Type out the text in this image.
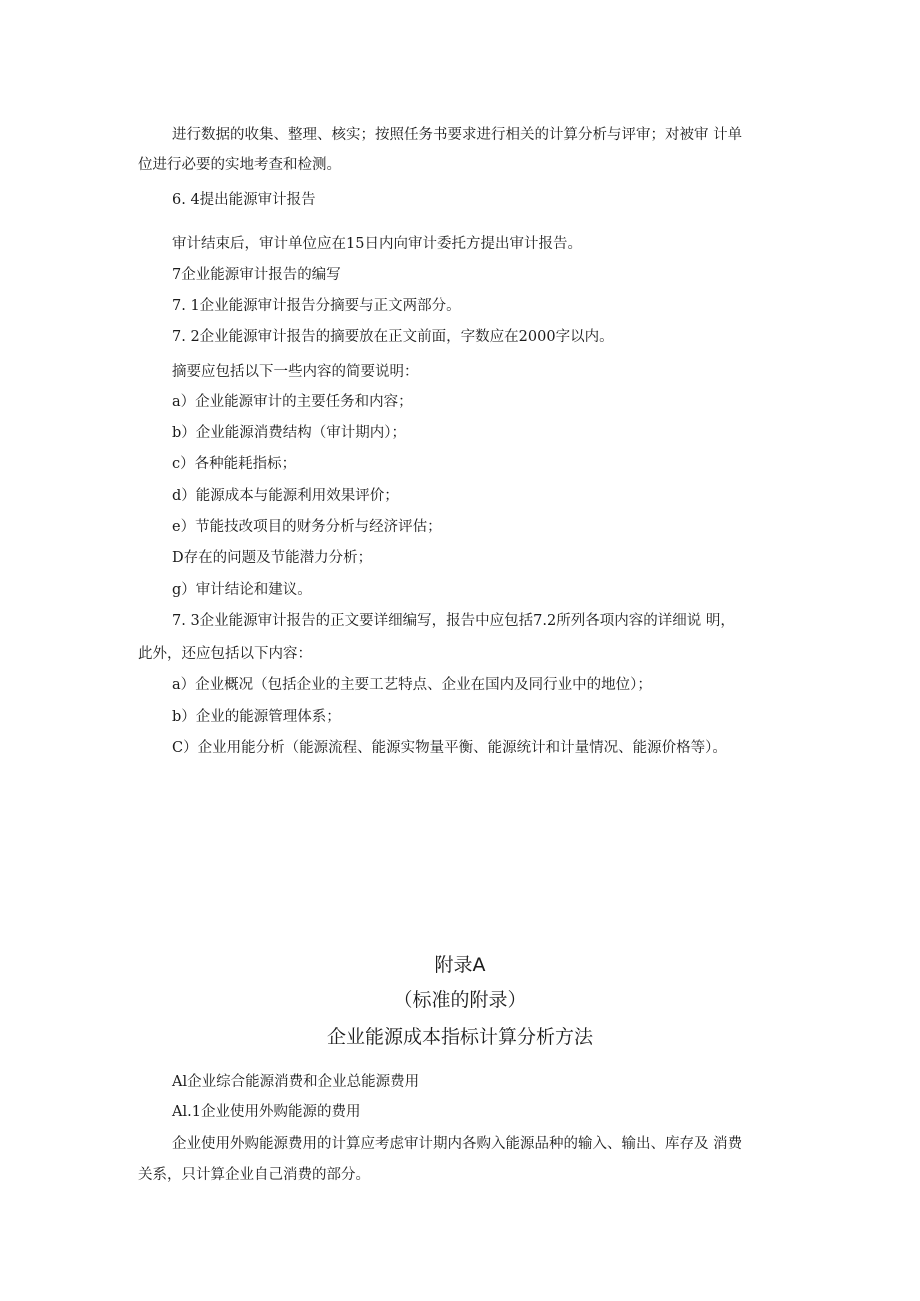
进行数据的收集、整理、核实；按照任务书要求进行相关的计算分析与评审；对被审 计单

位进行必要的实地考查和检测。

6. 4提出能源审计报告

审计结束后，审计单位应在15日内向审计委托方提出审计报告。

7企业能源审计报告的编写

7. 1企业能源审计报告分摘要与正文两部分。

7. 2企业能源审计报告的摘要放在正文前面，字数应在2000字以内。

摘要应包括以下一些内容的简要说明：

a）企业能源审计的主要任务和内容；

b）企业能源消费结构（审计期内）；

c）各种能耗指标；

d）能源成本与能源利用效果评价；

e）节能技改项目的财务分析与经济评估；

D存在的问题及节能潜力分析；

g）审计结论和建议。

7. 3企业能源审计报告的正文要详细编写，报告中应包括7.2所列各项内容的详细说 明，

此外，还应包括以下内容：

a）企业概况（包括企业的主要工艺特点、企业在国内及同行业中的地位）；

b）企业的能源管理体系；

C）企业用能分析（能源流程、能源实物量平衡、能源统计和计量情况、能源价格等）。

附录A

（标准的附录）

企业能源成本指标计算分析方法

Al企业综合能源消费和企业总能源费用

Al.1企业使用外购能源的费用

企业使用外购能源费用的计算应考虑审计期内各购入能源品种的输入、输出、库存及 消费

关系，只计算企业自己消费的部分。
